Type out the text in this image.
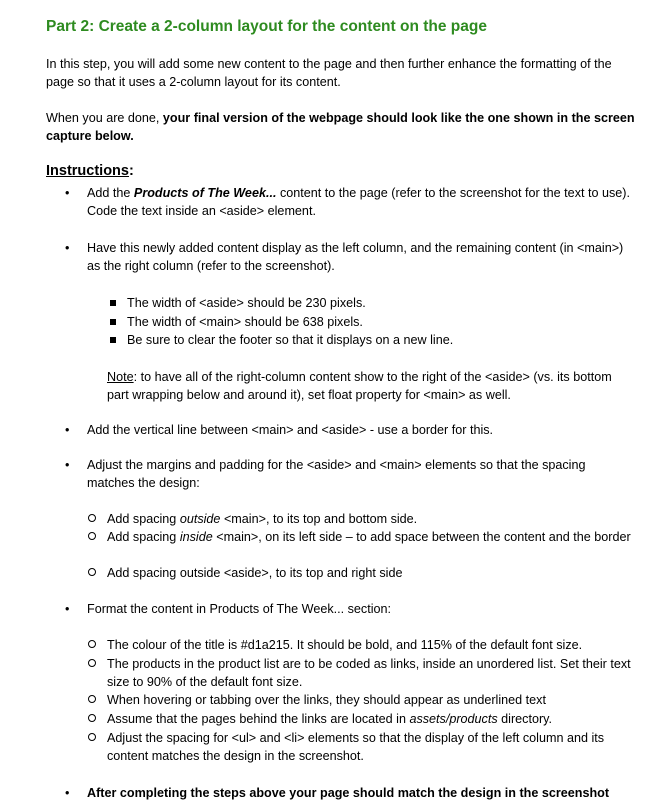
Part 2: Create a 2-column layout for the content on the page

In this step, you will add some new content to the page and then further enhance the formatting of the page so that it uses a 2-column layout for its content.

When you are done, your final version of the webpage should look like the one shown in the screen capture below.

Instructions:
• Add the Products of The Week... content to the page (refer to the screenshot for the text to use). Code the text inside an <aside> element.
• Have this newly added content display as the left column, and the remaining content (in <main>) as the right column (refer to the screenshot).
The width of <aside> should be 230 pixels.
The width of <main> should be 638 pixels.
Be sure to clear the footer so that it displays on a new line.

Note: to have all of the right-column content show to the right of the <aside> (vs. its bottom part wrapping below and around it), set float property for <main> as well.

• Add the vertical line between <main> and <aside> - use a border for this.
• Adjust the margins and padding for the <aside> and <main> elements so that the spacing matches the design:
Add spacing outside <main>, to its top and bottom side.
Add spacing inside <main>, on its left side – to add space between the content and the border
Add spacing outside <aside>, to its top and right side
• Format the content in Products of The Week... section:
The colour of the title is #d1a215. It should be bold, and 115% of the default font size.
The products in the product list are to be coded as links, inside an unordered list. Set their text size to 90% of the default font size.
When hovering or tabbing over the links, they should appear as underlined text
Assume that the pages behind the links are located in assets/products directory.
Adjust the spacing for <ul> and <li> elements so that the display of the left column and its content matches the design in the screenshot.
• After completing the steps above your page should match the design in the screenshot
